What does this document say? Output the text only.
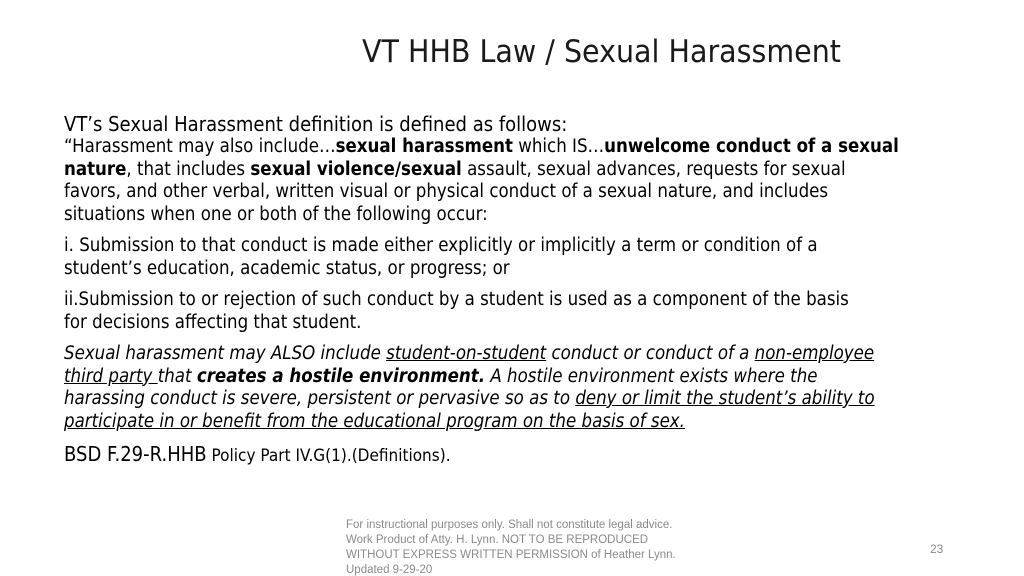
VT HHB Law / Sexual Harassment
VT’s Sexual Harassment definition is defined as follows:
“Harassment may also include…sexual harassment which IS…unwelcome conduct of a sexual
nature, that includes sexual violence/sexual assault, sexual advances, requests for sexual
favors, and other verbal, written visual or physical conduct of a sexual nature, and includes
situations when one or both of the following occur:
i. Submission to that conduct is made either explicitly or implicitly a term or condition of a
student’s education, academic status, or progress; or
ii.Submission to or rejection of such conduct by a student is used as a component of the basis
for decisions affecting that student.
Sexual harassment may ALSO include student-on-student conduct or conduct of a non-employee
third party that creates a hostile environment. A hostile environment exists where the
harassing conduct is severe, persistent or pervasive so as to deny or limit the student’s ability to
participate in or benefit from the educational program on the basis of sex.
BSD F.29-R.HHB Policy Part IV.G(1).(Definitions).
For instructional purposes only. Shall not constitute legal advice. Work Product of Atty. H. Lynn. NOT TO BE REPRODUCED WITHOUT EXPRESS WRITTEN PERMISSION of Heather Lynn. Updated 9-29-20
23
